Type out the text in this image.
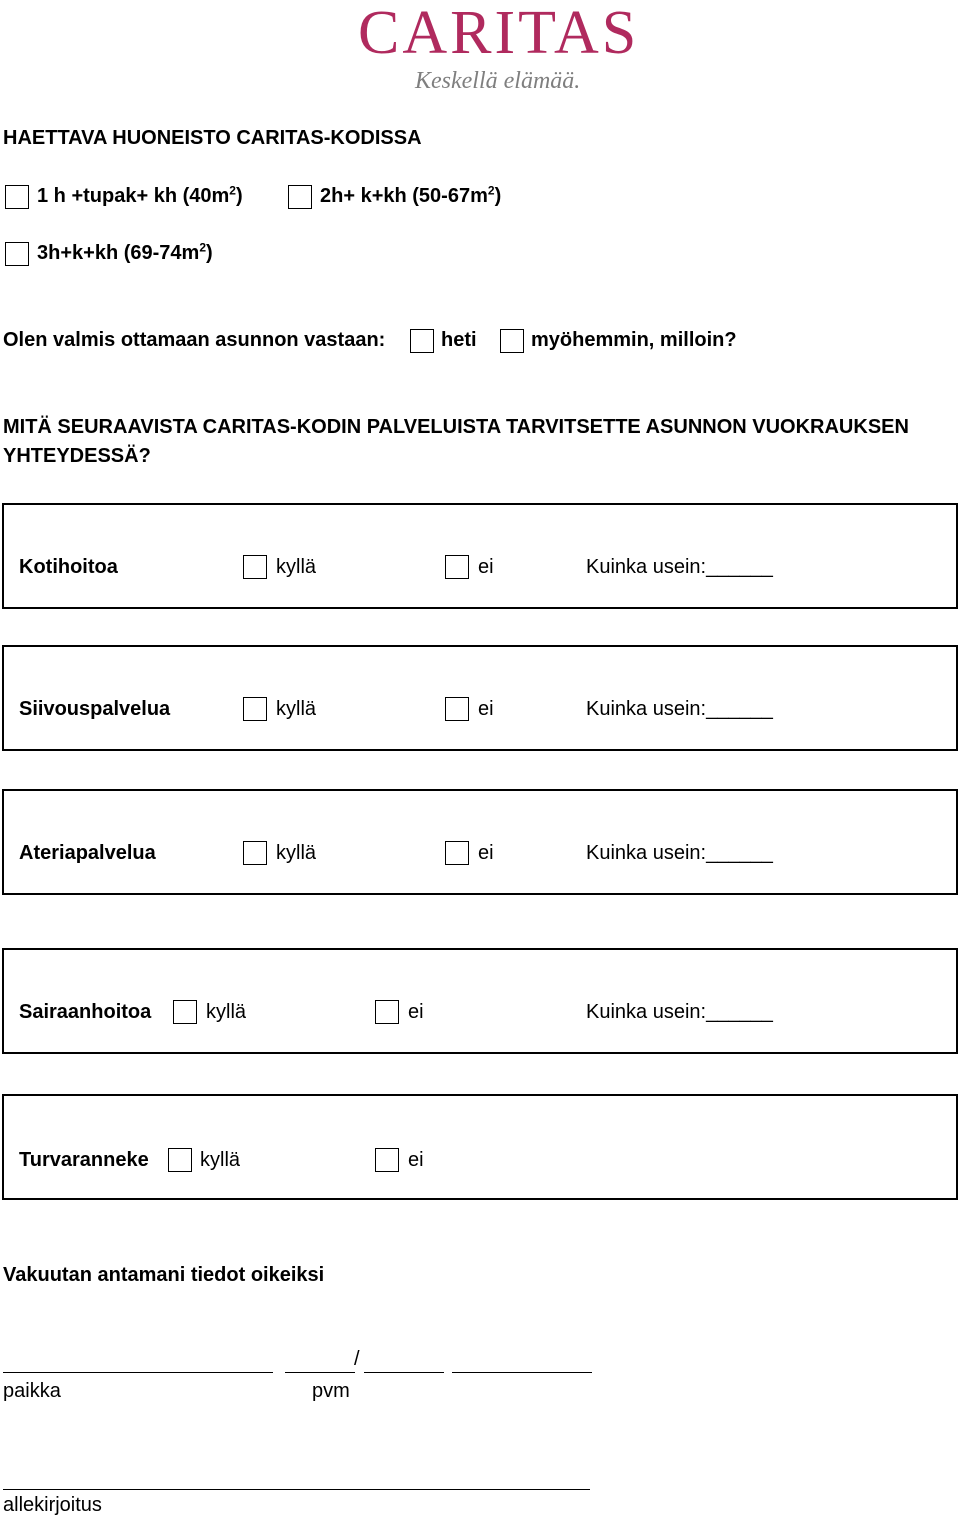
CARITAS
Keskellä elämää.
HAETTAVA HUONEISTO CARITAS-KODISSA
1 h +tupak+ kh $(40m^2)$	2h+ k+kh $(50-67m^2)$
3h+k+kh $(69-74m^2)$
Olen valmis ottamaan asunnon vastaan:	heti	myöhemmin, milloin?
MITÄ SEURAAVISTA CARITAS-KODIN PALVELUISTA TARVITSETTE ASUNNON VUOKRAUKSEN
YHTEYDESSÄ?
Kotihoitoa	kyllä	ei	Kuinka usein:______
Siivouspalvelua	kyllä	ei	Kuinka usein:______
Ateriapalvelua	kyllä	ei	Kuinka usein:______
Sairaanhoitoa	kyllä	ei	Kuinka usein:______
Turvaranneke	kyllä	ei
Vakuutan antamani tiedot oikeiksi
/
paikka	pvm
allekirjoitus
